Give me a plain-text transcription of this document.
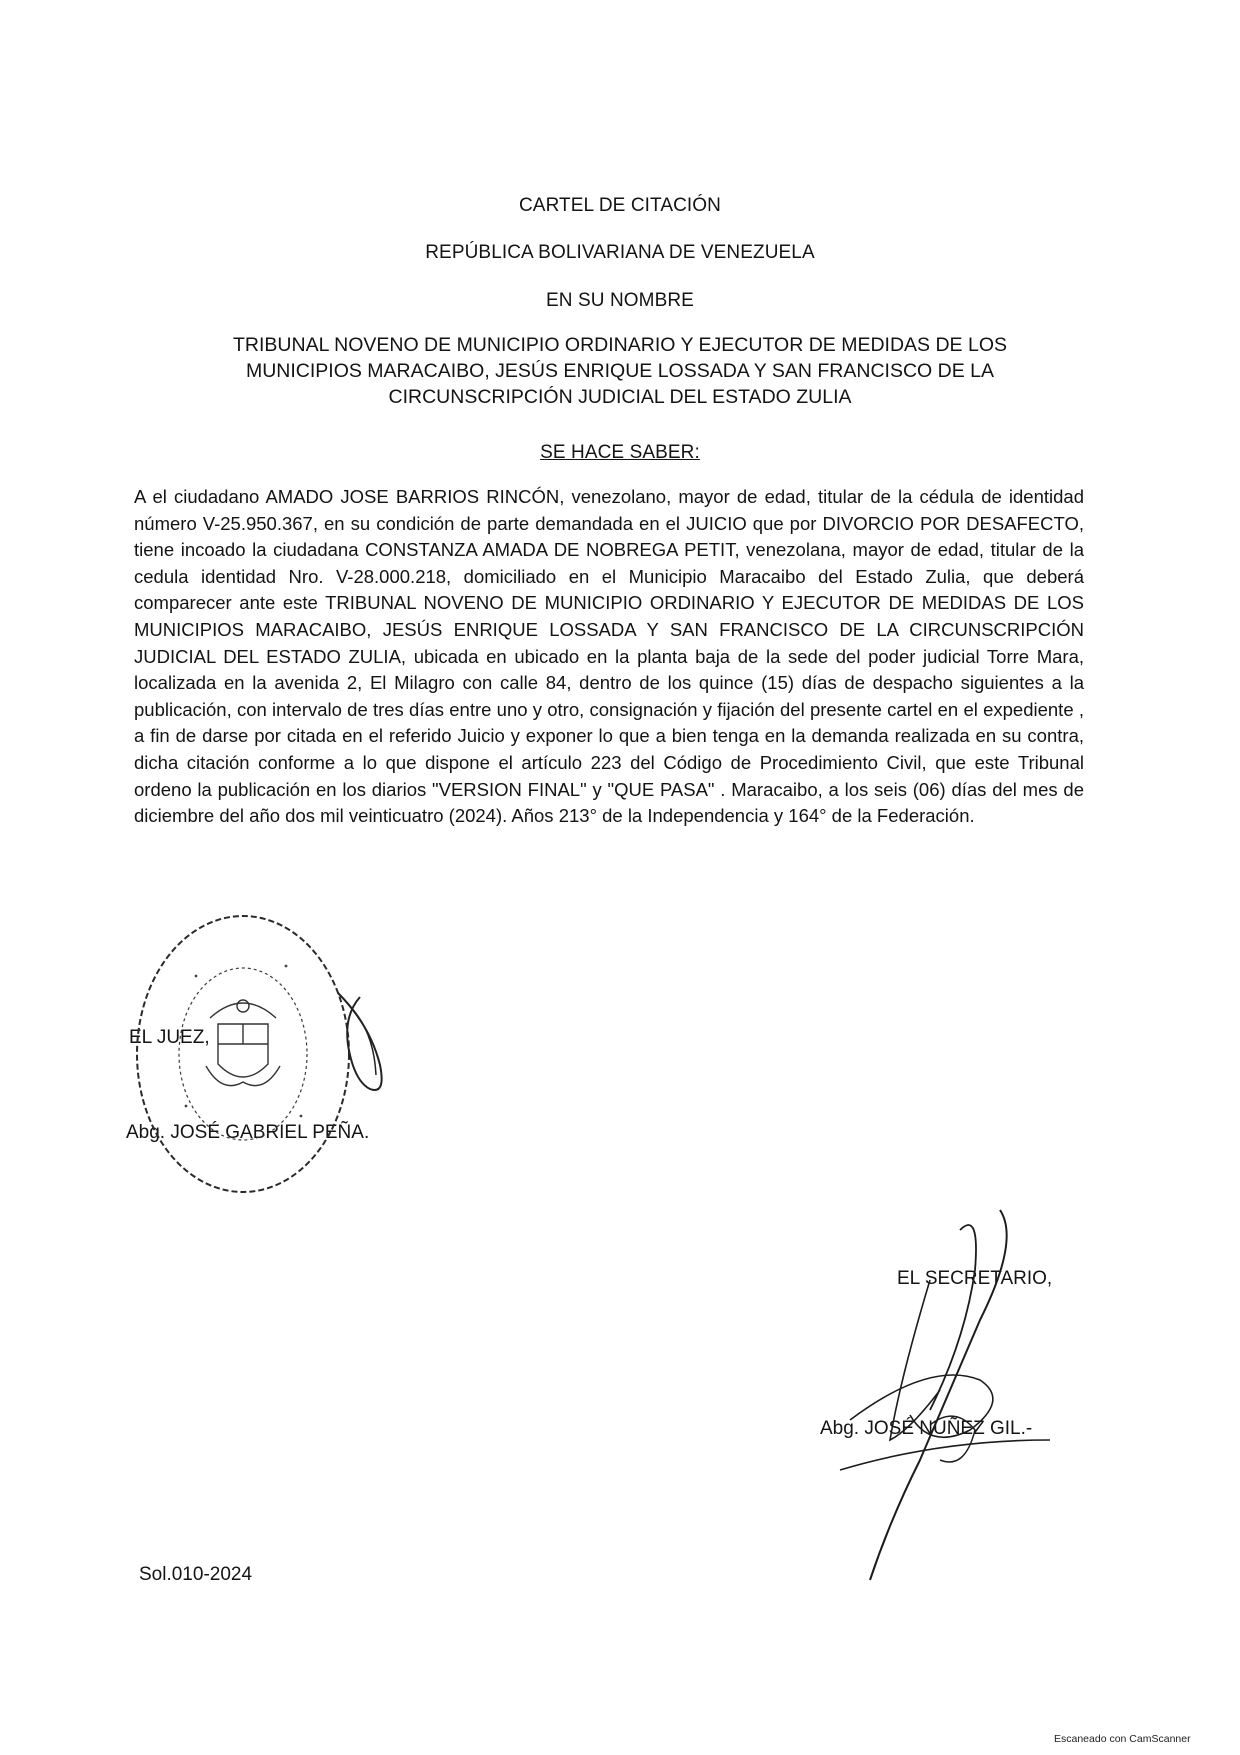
CARTEL DE CITACIÓN
REPÚBLICA BOLIVARIANA DE VENEZUELA
EN SU NOMBRE
TRIBUNAL NOVENO DE MUNICIPIO ORDINARIO Y EJECUTOR DE MEDIDAS DE LOS
MUNICIPIOS MARACAIBO, JESÚS ENRIQUE LOSSADA Y SAN FRANCISCO DE LA
CIRCUNSCRIPCIÓN JUDICIAL DEL ESTADO ZULIA
SE HACE SABER:
A el ciudadano AMADO JOSE BARRIOS RINCÓN, venezolano, mayor de edad, titular de la cédula de identidad número V-25.950.367, en su condición de parte demandada en el JUICIO que por DIVORCIO POR DESAFECTO, tiene incoado la ciudadana CONSTANZA AMADA DE NOBREGA PETIT, venezolana, mayor de edad, titular de la cedula identidad Nro. V-28.000.218, domiciliado en el Municipio Maracaibo del Estado Zulia, que deberá comparecer ante este TRIBUNAL NOVENO DE MUNICIPIO ORDINARIO Y EJECUTOR DE MEDIDAS DE LOS MUNICIPIOS MARACAIBO, JESÚS ENRIQUE LOSSADA Y SAN FRANCISCO DE LA CIRCUNSCRIPCIÓN JUDICIAL DEL ESTADO ZULIA, ubicada en ubicado en la planta baja de la sede del poder judicial Torre Mara, localizada en la avenida 2, El Milagro con calle 84, dentro de los quince (15) días de despacho siguientes a la publicación, con intervalo de tres días entre uno y otro, consignación y fijación del presente cartel en el expediente , a fin de darse por citada en el referido Juicio y exponer lo que a bien tenga en la demanda realizada en su contra, dicha citación conforme a lo que dispone el artículo 223 del Código de Procedimiento Civil, que este Tribunal ordeno la publicación en los diarios "VERSION FINAL" y "QUE PASA" . Maracaibo, a los seis (06) días del mes de diciembre del año dos mil veinticuatro (2024). Años 213° de la Independencia y 164° de la Federación.
EL JUEZ,
Abg. JOSÉ GABRIEL PEÑA.
EL SECRETARIO,
Abg. JOSÉ NUÑEZ GIL.-
Sol.010-2024
Escaneado con CamScanner
